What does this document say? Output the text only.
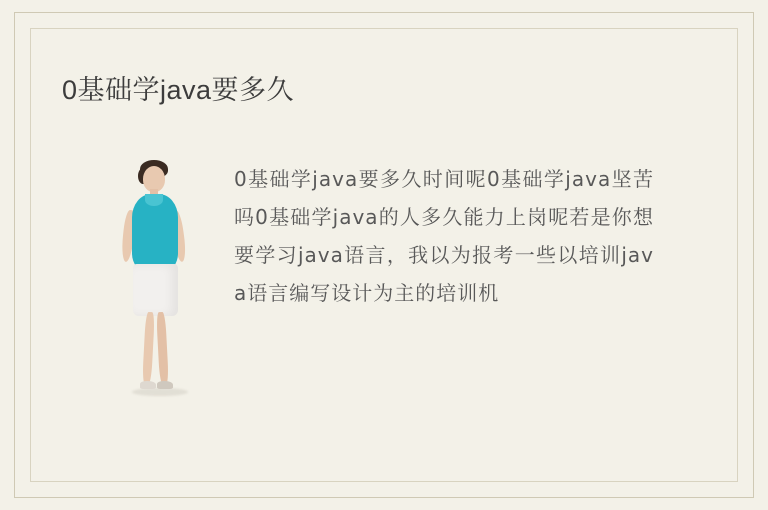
0基础学java要多久
0基础学java要多久时间呢0基础学java坚苦吗0基础学java的人多久能力上岗呢若是你想要学习java语言，我以为报考一些以培训java语言编写设计为主的培训机
